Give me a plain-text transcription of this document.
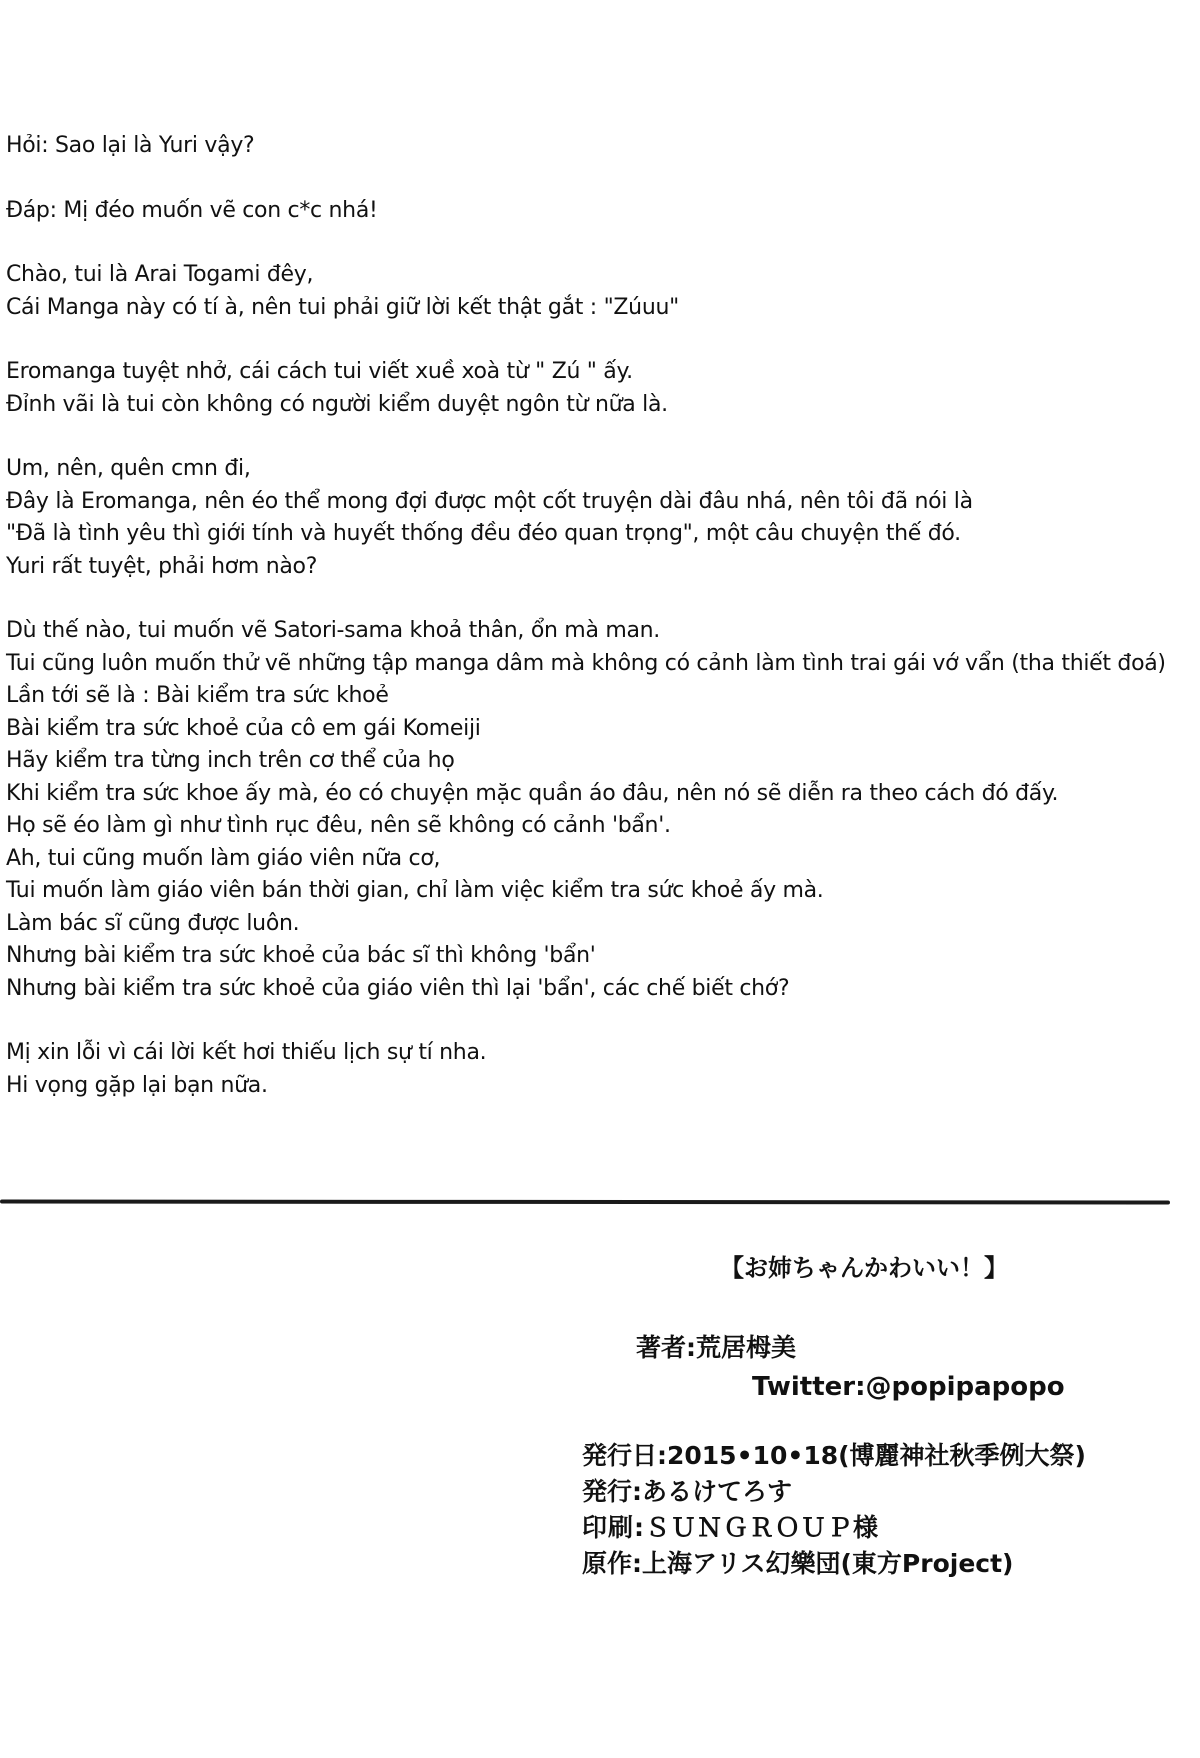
Hỏi: Sao lại là Yuri vậy?
Đáp: Mị đéo muốn vẽ con c*c nhá!
Chào, tui là Arai Togami đêy,
Cái Manga này có tí à, nên tui phải giữ lời kết thật gắt : "Zúuu"
Eromanga tuyệt nhở, cái cách tui viết xuề xoà từ " Zú " ấy.
Đỉnh vãi là tui còn không có người kiểm duyệt ngôn từ nữa là.
Um, nên, quên cmn đi,
Đây là Eromanga, nên éo thể mong đợi được một cốt truyện dài đâu nhá, nên tôi đã nói là
"Đã là tình yêu thì giới tính và huyết thống đều đéo quan trọng", một câu chuyện thế đó.
Yuri rất tuyệt, phải hơm nào?
Dù thế nào, tui muốn vẽ Satori-sama khoả thân, ổn mà man.
Tui cũng luôn muốn thử vẽ những tập manga dâm mà không có cảnh làm tình trai gái vớ vẩn (tha thiết đoá)
Lần tới sẽ là : Bài kiểm tra sức khoẻ
Bài kiểm tra sức khoẻ của cô em gái Komeiji
Hãy kiểm tra từng inch trên cơ thể của họ
Khi kiểm tra sức khoe ấy mà, éo có chuyện mặc quần áo đâu, nên nó sẽ diễn ra theo cách đó đấy.
Họ sẽ éo làm gì như tình rục đêu, nên sẽ không có cảnh 'bẩn'.
Ah, tui cũng muốn làm giáo viên nữa cơ,
Tui muốn làm giáo viên bán thời gian, chỉ làm việc kiểm tra sức khoẻ ấy mà.
Làm bác sĩ cũng được luôn.
Nhưng bài kiểm tra sức khoẻ của bác sĩ thì không 'bẩn'
Nhưng bài kiểm tra sức khoẻ của giáo viên thì lại 'bẩn', các chế biết chớ?
Mị xin lỗi vì cái lời kết hơi thiếu lịch sự tí nha.
Hi vọng gặp lại bạn nữa.
【お姉ちゃんかわいい！】
著者:荒居栂美
Twitter:@popipapopo
発行日:2015•10•18(博麗神社秋季例大祭)
発行:あるけてろす
印刷:ＳＵＮＧＲＯＵＰ様
原作:上海アリス幻樂団(東方Project)
